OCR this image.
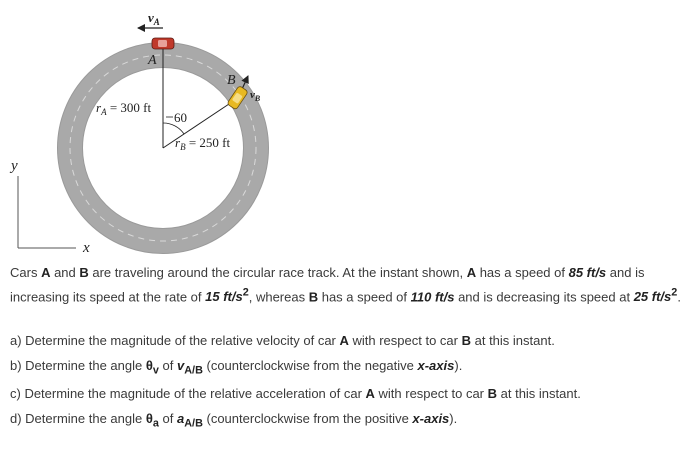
$v_A$
A
B
$v_B$
$r_A = 300$ ft
60
$r_B = 250$ ft
y
x

Cars A and B are traveling around the circular race track. At the instant shown, A has a speed of 85 ft/s and is increasing its speed at the rate of 15 $ft/s^2$, whereas B has a speed of 110 ft/s and is decreasing its speed at 25 $ft/s^2$.

a) Determine the magnitude of the relative velocity of car A with respect to car B at this instant.

b) Determine the angle $\theta_v$ of $v_{A/B}$ (counterclockwise from the negative x-axis).

c) Determine the magnitude of the relative acceleration of car A with respect to car B at this instant.

d) Determine the angle $\theta_a$ of $a_{A/B}$ (counterclockwise from the positive x-axis).
